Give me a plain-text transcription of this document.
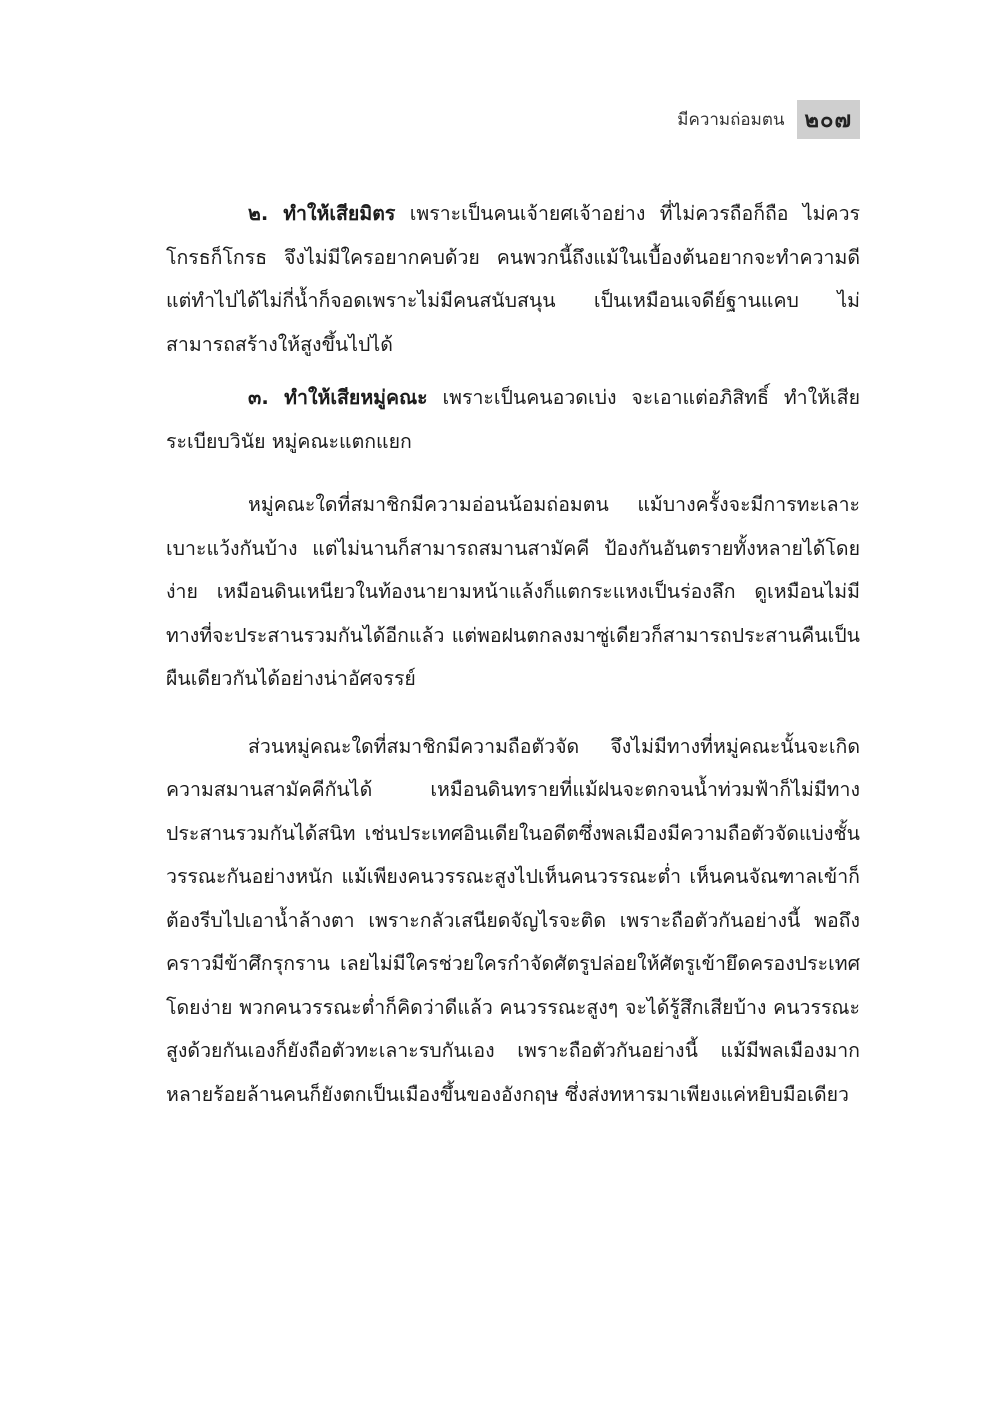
มีความถ่อมตน ๒๐๗

๒. ทำให้เสียมิตร เพราะเป็นคนเจ้ายศเจ้าอย่าง ที่ไม่ควรถือก็ถือ ไม่ควรโกรธก็โกรธ จึงไม่มีใครอยากคบด้วย คนพวกนี้ถึงแม้ในเบื้องต้นอยากจะทำความดี แต่ทำไปได้ไม่กี่น้ำก็จอดเพราะไม่มีคนสนับสนุน เป็นเหมือนเจดีย์ฐานแคบ ไม่สามารถสร้างให้สูงขึ้นไปได้

๓. ทำให้เสียหมู่คณะ เพราะเป็นคนอวดเบ่ง จะเอาแต่อภิสิทธิ์ ทำให้เสียระเบียบวินัย หมู่คณะแตกแยก

หมู่คณะใดที่สมาชิกมีความอ่อนน้อมถ่อมตน แม้บางครั้งจะมีการทะเลาะเบาะแว้งกันบ้าง แต่ไม่นานก็สามารถสมานสามัคคี ป้องกันอันตรายทั้งหลายได้โดยง่าย เหมือนดินเหนียวในท้องนายามหน้าแล้งก็แตกระแหงเป็นร่องลึก ดูเหมือนไม่มีทางที่จะประสานรวมกันได้อีกแล้ว แต่พอฝนตกลงมาซู่เดียวก็สามารถประสานคืนเป็นผืนเดียวกันได้อย่างน่าอัศจรรย์

ส่วนหมู่คณะใดที่สมาชิกมีความถือตัวจัด จึงไม่มีทางที่หมู่คณะนั้นจะเกิดความสมานสามัคคีกันได้ เหมือนดินทรายที่แม้ฝนจะตกจนน้ำท่วมฟ้าก็ไม่มีทางประสานรวมกันได้สนิท เช่นประเทศอินเดียในอดีตซึ่งพลเมืองมีความถือตัวจัดแบ่งชั้นวรรณะกันอย่างหนัก แม้เพียงคนวรรณะสูงไปเห็นคนวรรณะต่ำ เห็นคนจัณฑาลเข้าก็ต้องรีบไปเอาน้ำล้างตา เพราะกลัวเสนียดจัญไรจะติด เพราะถือตัวกันอย่างนี้ พอถึงคราวมีข้าศึกรุกราน เลยไม่มีใครช่วยใครกำจัดศัตรูปล่อยให้ศัตรูเข้ายึดครองประเทศโดยง่าย พวกคนวรรณะต่ำก็คิดว่าดีแล้ว คนวรรณะสูงๆ จะได้รู้สึกเสียบ้าง คนวรรณะสูงด้วยกันเองก็ยังถือตัวทะเลาะรบกันเอง เพราะถือตัวกันอย่างนี้ แม้มีพลเมืองมากหลายร้อยล้านคนก็ยังตกเป็นเมืองขึ้นของอังกฤษ ซึ่งส่งทหารมาเพียงแค่หยิบมือเดียว
